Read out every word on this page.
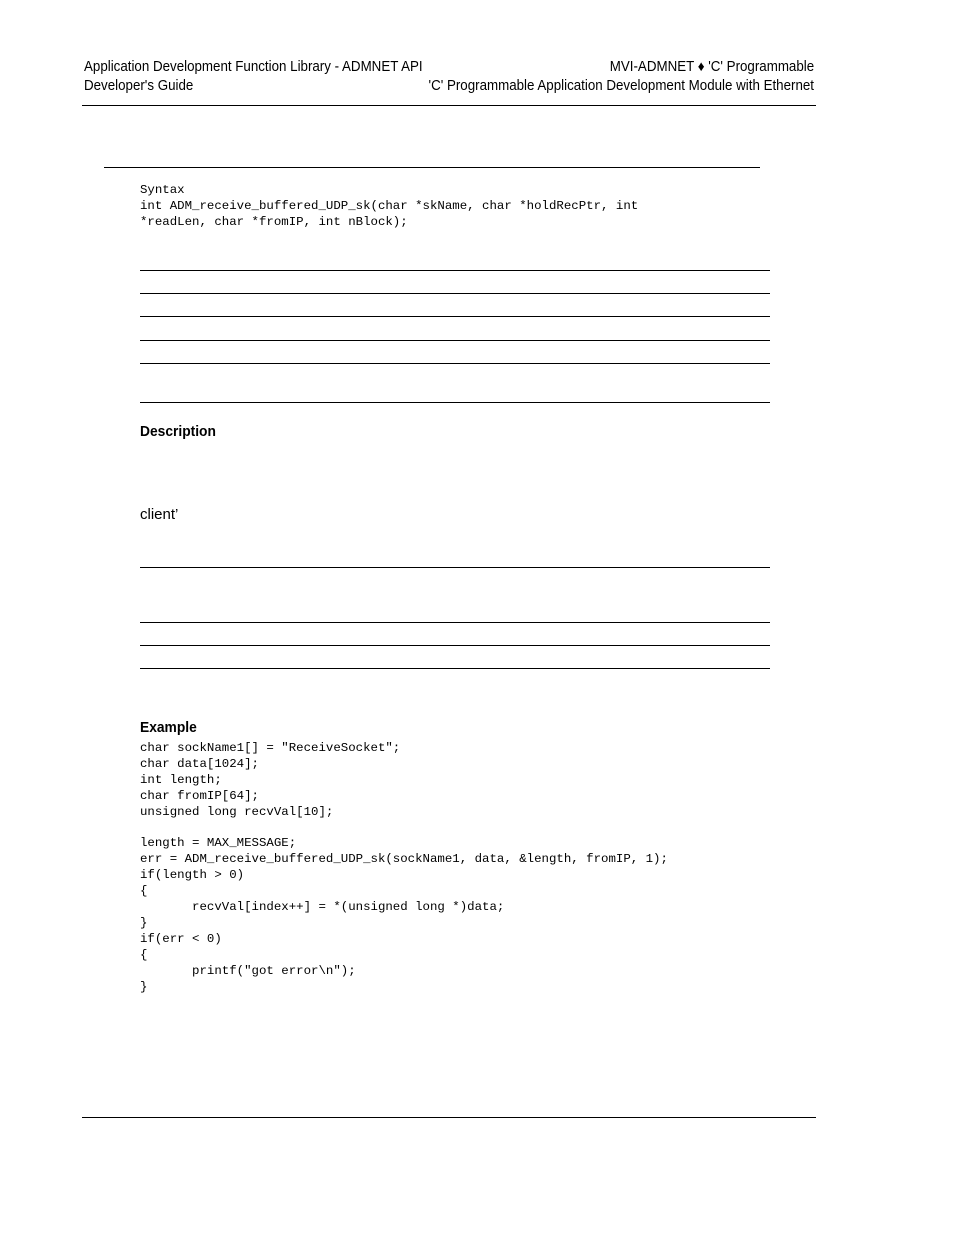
Application Development Function Library - ADMNET API
Developer's Guide
MVI-ADMNET ♦ 'C' Programmable
'C' Programmable Application Development Module with Ethernet
Syntax
int ADM_receive_buffered_UDP_sk(char *skName, char *holdRecPtr, int
*readLen, char *fromIP, int nBlock);
Description
client’
Example
char sockName1[] = "ReceiveSocket";
char data[1024];
int length;
char fromIP[64];
unsigned long recvVal[10];

length = MAX_MESSAGE;
err = ADM_receive_buffered_UDP_sk(sockName1, data, &length, fromIP, 1);
if(length > 0)
{
recvVal[index++] = *(unsigned long *)data;
}
if(err < 0)
{
printf("got error\n");
}
